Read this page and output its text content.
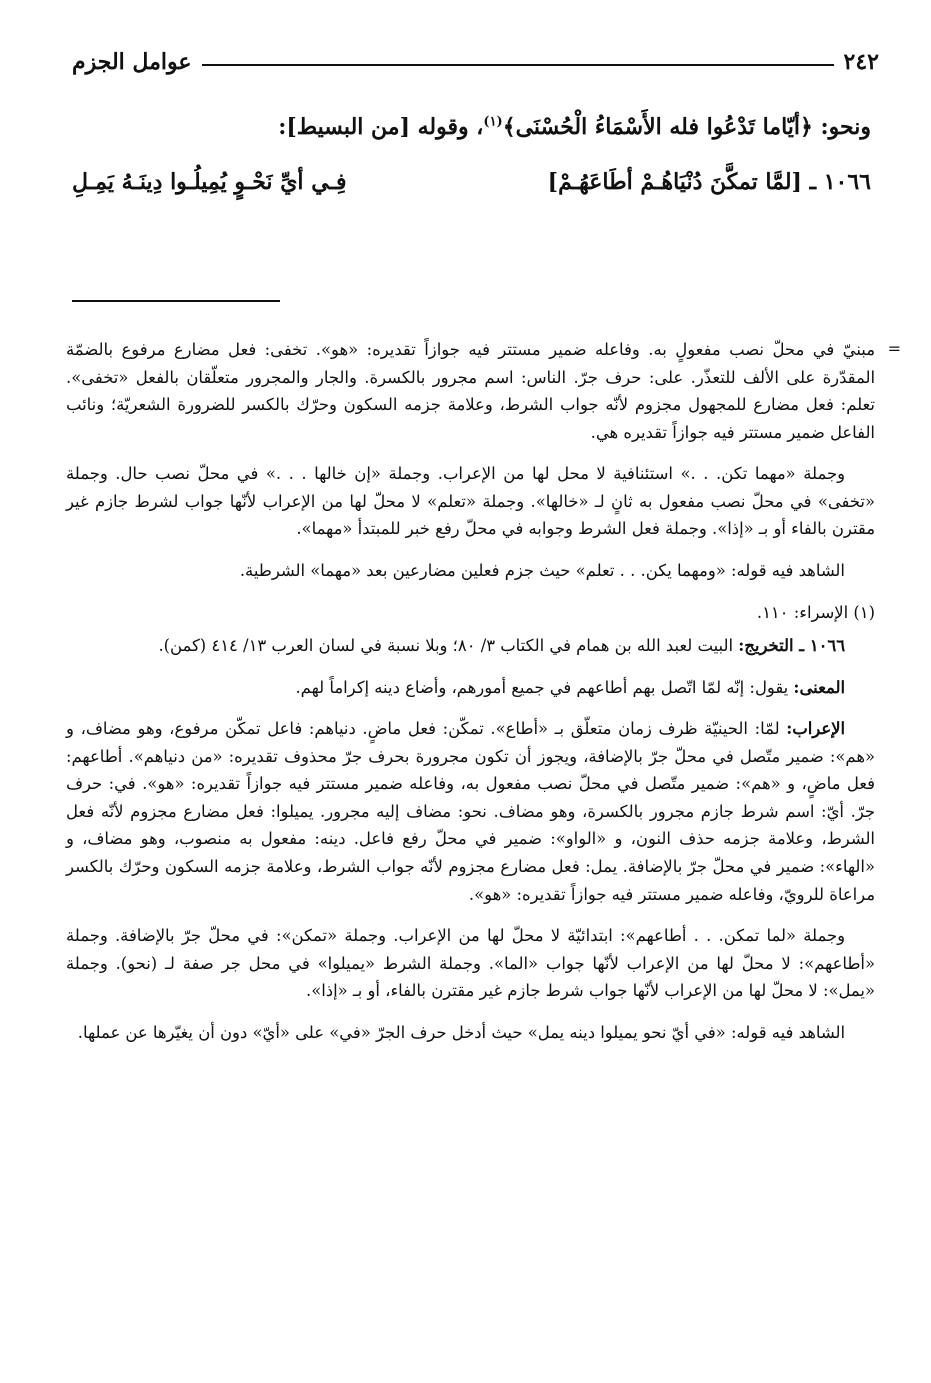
٢٤٢
عوامل الجزم
ونحو: ﴿أيّاما تَدْعُوا فله الأَسْمَاءُ الْحُسْنَى﴾$^{(١)}$، وقوله [من البسيط]:
١٠٦٦ ـ [لمَّا تمكَّنَ دُنْيَاهُـمْ أطَاعَهُـمْ]
فِـي أيِّ نَحْـوٍ يُمِيلُـوا دِينَـهُ يَمِـلِ

=
مبنيّ في محلّ نصب مفعولٍ به. وفاعله ضمير مستتر فيه جوازاً تقديره: «هو». تخفى: فعل مضارع مرفوع بالضمّة المقدّرة على الألف للتعذّر. على: حرف جرّ. الناس: اسم مجرور بالكسرة. والجار والمجرور متعلّقان بالفعل «تخفى». تعلم: فعل مضارع للمجهول مجزوم لأنّه جواب الشرط، وعلامة جزمه السكون وحرّك بالكسر للضرورة الشعريّة؛ ونائب الفاعل ضمير مستتر فيه جوازاً تقديره هي.

وجملة «مهما تكن. . .» استئنافية لا محل لها من الإعراب. وجملة «إن خالها . . .» في محلّ نصب حال. وجملة «تخفى» في محلّ نصب مفعول به ثانٍ لـ «خالها». وجملة «تعلم» لا محلّ لها من الإعراب لأنّها جواب لشرط جازم غير مقترن بالفاء أو بـ «إذا». وجملة فعل الشرط وجوابه في محلّ رفع خبر للمبتدأ «مهما».

الشاهد فيه قوله: «ومهما يكن. . . تعلم» حيث جزم فعلين مضارعين بعد «مهما» الشرطية.

(١) الإسراء: ١١٠.

١٠٦٦ ـ التخريج: البيت لعبد الله بن همام في الكتاب ٣/ ٨٠؛ وبلا نسبة في لسان العرب ١٣/ ٤١٤ (كمن).

المعنى: يقول: إنّه لمّا اتّصل بهم أطاعهم في جميع أمورهم، وأضاع دينه إكراماً لهم.

الإعراب: لمّا: الحينيّة ظرف زمان متعلّق بـ «أطاع». تمكّن: فعل ماضٍ. دنياهم: فاعل تمكّن مرفوع، وهو مضاف، و «هم»: ضمير متّصل في محلّ جرّ بالإضافة، ويجوز أن تكون مجرورة بحرف جرّ محذوف تقديره: «من دنياهم». أطاعهم: فعل ماضٍ، و «هم»: ضمير متّصل في محلّ نصب مفعول به، وفاعله ضمير مستتر فيه جوازاً تقديره: «هو». في: حرف جرّ. أيّ: اسم شرط جازم مجرور بالكسرة، وهو مضاف. نحو: مضاف إليه مجرور. يميلوا: فعل مضارع مجزوم لأنّه فعل الشرط، وعلامة جزمه حذف النون، و «الواو»: ضمير في محلّ رفع فاعل. دينه: مفعول به منصوب، وهو مضاف، و «الهاء»: ضمير في محلّ جرّ بالإضافة. يمل: فعل مضارع مجزوم لأنّه جواب الشرط، وعلامة جزمه السكون وحرّك بالكسر مراعاة للرويّ، وفاعله ضمير مستتر فيه جوازاً تقديره: «هو».

وجملة «لما تمكن. . . أطاعهم»: ابتدائيّة لا محلّ لها من الإعراب. وجملة «تمكن»: في محلّ جرّ بالإضافة. وجملة «أطاعهم»: لا محلّ لها من الإعراب لأنّها جواب «الما». وجملة الشرط «يميلوا» في محل جر صفة لـ (نحو). وجملة «يمل»: لا محلّ لها من الإعراب لأنّها جواب شرط جازم غير مقترن بالفاء، أو بـ «إذا».

الشاهد فيه قوله: «في أيّ نحو يميلوا دينه يمل» حيث أدخل حرف الجرّ «في» على «أيّ» دون أن يغيّرها عن عملها.
